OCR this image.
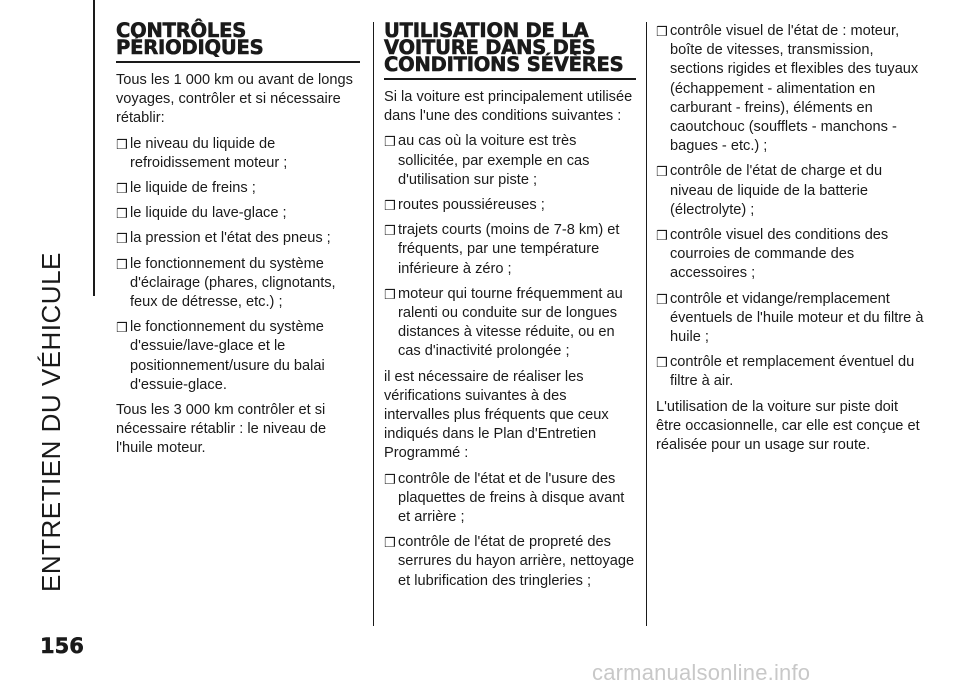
ENTRETIEN DU VÉHICULE
CONTRÔLES PÉRIODIQUES

Tous les 1 000 km ou avant de longs voyages, contrôler et si nécessaire rétablir:

❒ le niveau du liquide de refroidissement moteur ;
❒ le liquide de freins ;
❒ le liquide du lave-glace ;
❒ la pression et l'état des pneus ;
❒ le fonctionnement du système d'éclairage (phares, clignotants, feux de détresse, etc.) ;
❒ le fonctionnement du système d'essuie/lave-glace et le positionnement/usure du balai d'essuie-glace.

Tous les 3 000 km contrôler et si nécessaire rétablir : le niveau de l'huile moteur.

UTILISATION DE LA VOITURE DANS DES CONDITIONS SÉVÈRES

Si la voiture est principalement utilisée dans l'une des conditions suivantes :

❒ au cas où la voiture est très sollicitée, par exemple en cas d'utilisation sur piste ;
❒ routes poussiéreuses ;
❒ trajets courts (moins de 7-8 km) et fréquents, par une température inférieure à zéro ;
❒ moteur qui tourne fréquemment au ralenti ou conduite sur de longues distances à vitesse réduite, ou en cas d'inactivité prolongée ;

il est nécessaire de réaliser les vérifications suivantes à des intervalles plus fréquents que ceux indiqués dans le Plan d'Entretien Programmé :

❒ contrôle de l'état et de l'usure des plaquettes de freins à disque avant et arrière ;
❒ contrôle de l'état de propreté des serrures du hayon arrière, nettoyage et lubrification des tringleries ;
❒ contrôle visuel de l'état de : moteur, boîte de vitesses, transmission, sections rigides et flexibles des tuyaux (échappement - alimentation en carburant - freins), éléments en caoutchouc (soufflets - manchons - bagues - etc.) ;
❒ contrôle de l'état de charge et du niveau de liquide de la batterie (électrolyte) ;
❒ contrôle visuel des conditions des courroies de commande des accessoires ;
❒ contrôle et vidange/remplacement éventuels de l'huile moteur et du filtre à huile ;
❒ contrôle et remplacement éventuel du filtre à air.

L'utilisation de la voiture sur piste doit être occasionnelle, car elle est conçue et réalisée pour un usage sur route.

156
carmanualsonline.info
